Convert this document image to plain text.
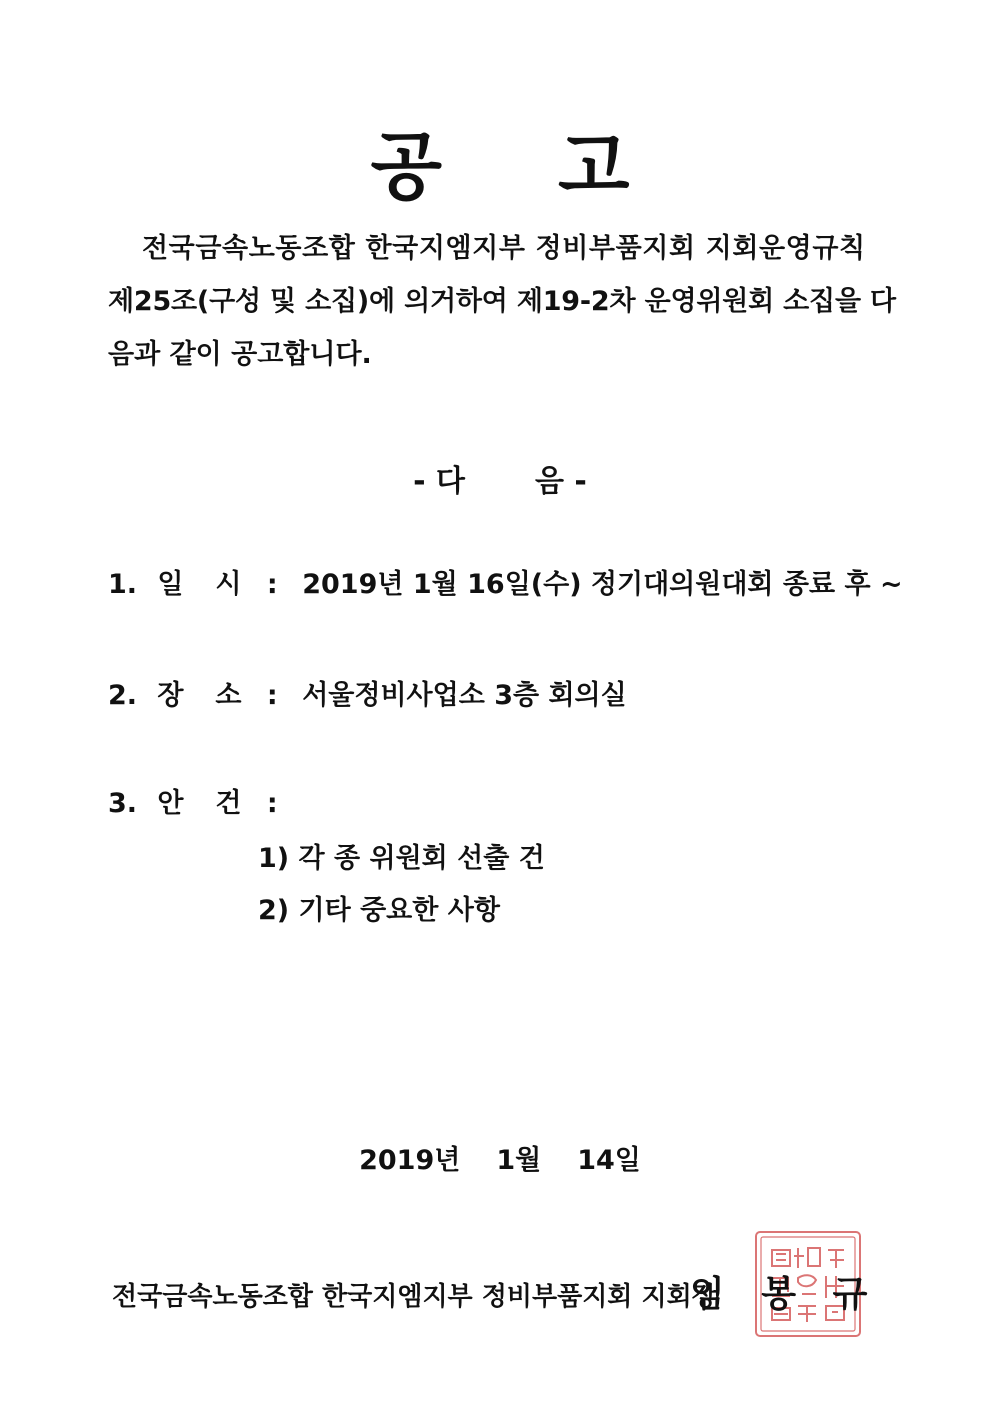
공 고

전국금속노동조합 한국지엠지부 정비부품지회 지회운영규칙

제25조(구성 및 소집)에 의거하여 제19-2차 운영위원회 소집을 다

음과 같이 공고합니다.

- 다 음 -
1. 일 시 : 2019년 1월 16일(수) 정기대의원대회 종료 후 ~
2. 장 소 : 서울정비사업소 3층 회의실
3. 안 건 :
1) 각 종 위원회 선출 건
2) 기타 중요한 사항
2019년 1월 14일
전국금속노동조합 한국지엠지부 정비부품지회 지회장
임 봉 규
